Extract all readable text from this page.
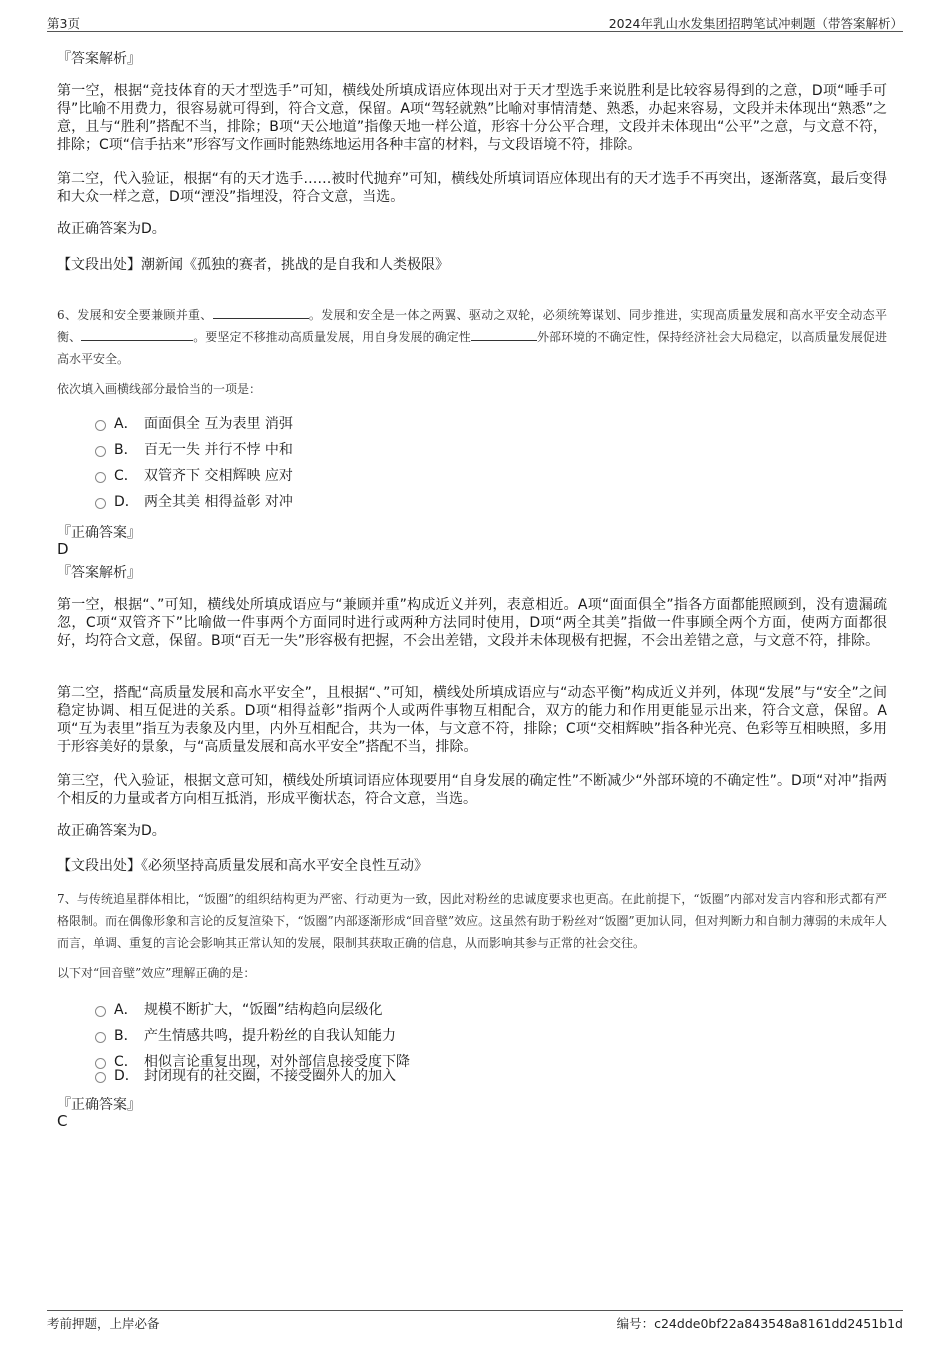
第3页	2024年乳山水发集团招聘笔试冲刺题（带答案解析）
『答案解析』
第一空，根据“竞技体育的天才型选手”可知，横线处所填成语应体现出对于天才型选手来说胜利是比较容易得到的之意，D项“唾手可得”比喻不用费力，很容易就可得到，符合文意，保留。A项“驾轻就熟”比喻对事情清楚、熟悉，办起来容易，文段并未体现出“熟悉”之意，且与“胜利”搭配不当，排除；B项“天公地道”指像天地一样公道，形容十分公平合理，文段并未体现出“公平”之意，与文意不符，排除；C项“信手拈来”形容写文作画时能熟练地运用各种丰富的材料，与文段语境不符，排除。
第二空，代入验证，根据“有的天才选手……被时代抛弃”可知，横线处所填词语应体现出有的天才选手不再突出，逐渐落寞，最后变得和大众一样之意，D项“湮没”指埋没，符合文意，当选。
故正确答案为D。
【文段出处】潮新闻《孤独的赛者，挑战的是自我和人类极限》
6、发展和安全要兼顾并重、	。发展和安全是一体之两翼、驱动之双轮，必须统筹谋划、同步推进，实现高质量发展和高水平安全动态平衡、	。要坚定不移推动高质量发展，用自身发展的确定性	外部环境的不确定性，保持经济社会大局稳定，以高质量发展促进高水平安全。
依次填入画横线部分最恰当的一项是：
A． 面面俱全 互为表里 消弭
B． 百无一失 并行不悖 中和
C． 双管齐下 交相辉映 应对
D． 两全其美 相得益彰 对冲
『正确答案』
D
『答案解析』
第一空，根据“、”可知，横线处所填成语应与“兼顾并重”构成近义并列，表意相近。A项“面面俱全”指各方面都能照顾到，没有遗漏疏忽，C项“双管齐下”比喻做一件事两个方面同时进行或两种方法同时使用，D项“两全其美”指做一件事顾全两个方面，使两方面都很好，均符合文意，保留。B项“百无一失”形容极有把握，不会出差错，文段并未体现极有把握，不会出差错之意，与文意不符，排除。
第二空，搭配“高质量发展和高水平安全”，且根据“、”可知，横线处所填成语应与“动态平衡”构成近义并列，体现“发展”与“安全”之间稳定协调、相互促进的关系。D项“相得益彰”指两个人或两件事物互相配合，双方的能力和作用更能显示出来，符合文意，保留。A项“互为表里”指互为表象及内里，内外互相配合，共为一体，与文意不符，排除；C项“交相辉映”指各种光亮、色彩等互相映照，多用于形容美好的景象，与“高质量发展和高水平安全”搭配不当，排除。
第三空，代入验证，根据文意可知，横线处所填词语应体现要用“自身发展的确定性”不断减少“外部环境的不确定性”。D项“对冲”指两个相反的力量或者方向相互抵消，形成平衡状态，符合文意，当选。
故正确答案为D。
【文段出处】《必须坚持高质量发展和高水平安全良性互动》
7、与传统追星群体相比，“饭圈”的组织结构更为严密、行动更为一致，因此对粉丝的忠诚度要求也更高。在此前提下，“饭圈”内部对发言内容和形式都有严格限制。而在偶像形象和言论的反复渲染下，“饭圈”内部逐渐形成“回音壁”效应。这虽然有助于粉丝对“饭圈”更加认同，但对判断力和自制力薄弱的未成年人而言，单调、重复的言论会影响其正常认知的发展，限制其获取正确的信息，从而影响其参与正常的社会交往。
以下对“回音壁”效应”理解正确的是：
A． 规模不断扩大，“饭圈”结构趋向层级化
B． 产生情感共鸣，提升粉丝的自我认知能力
C． 相似言论重复出现，对外部信息接受度下降
D． 封闭现有的社交圈，不接受圈外人的加入
『正确答案』
C
考前押题，上岸必备	编号：c24dde0bf22a843548a8161dd2451b1d
